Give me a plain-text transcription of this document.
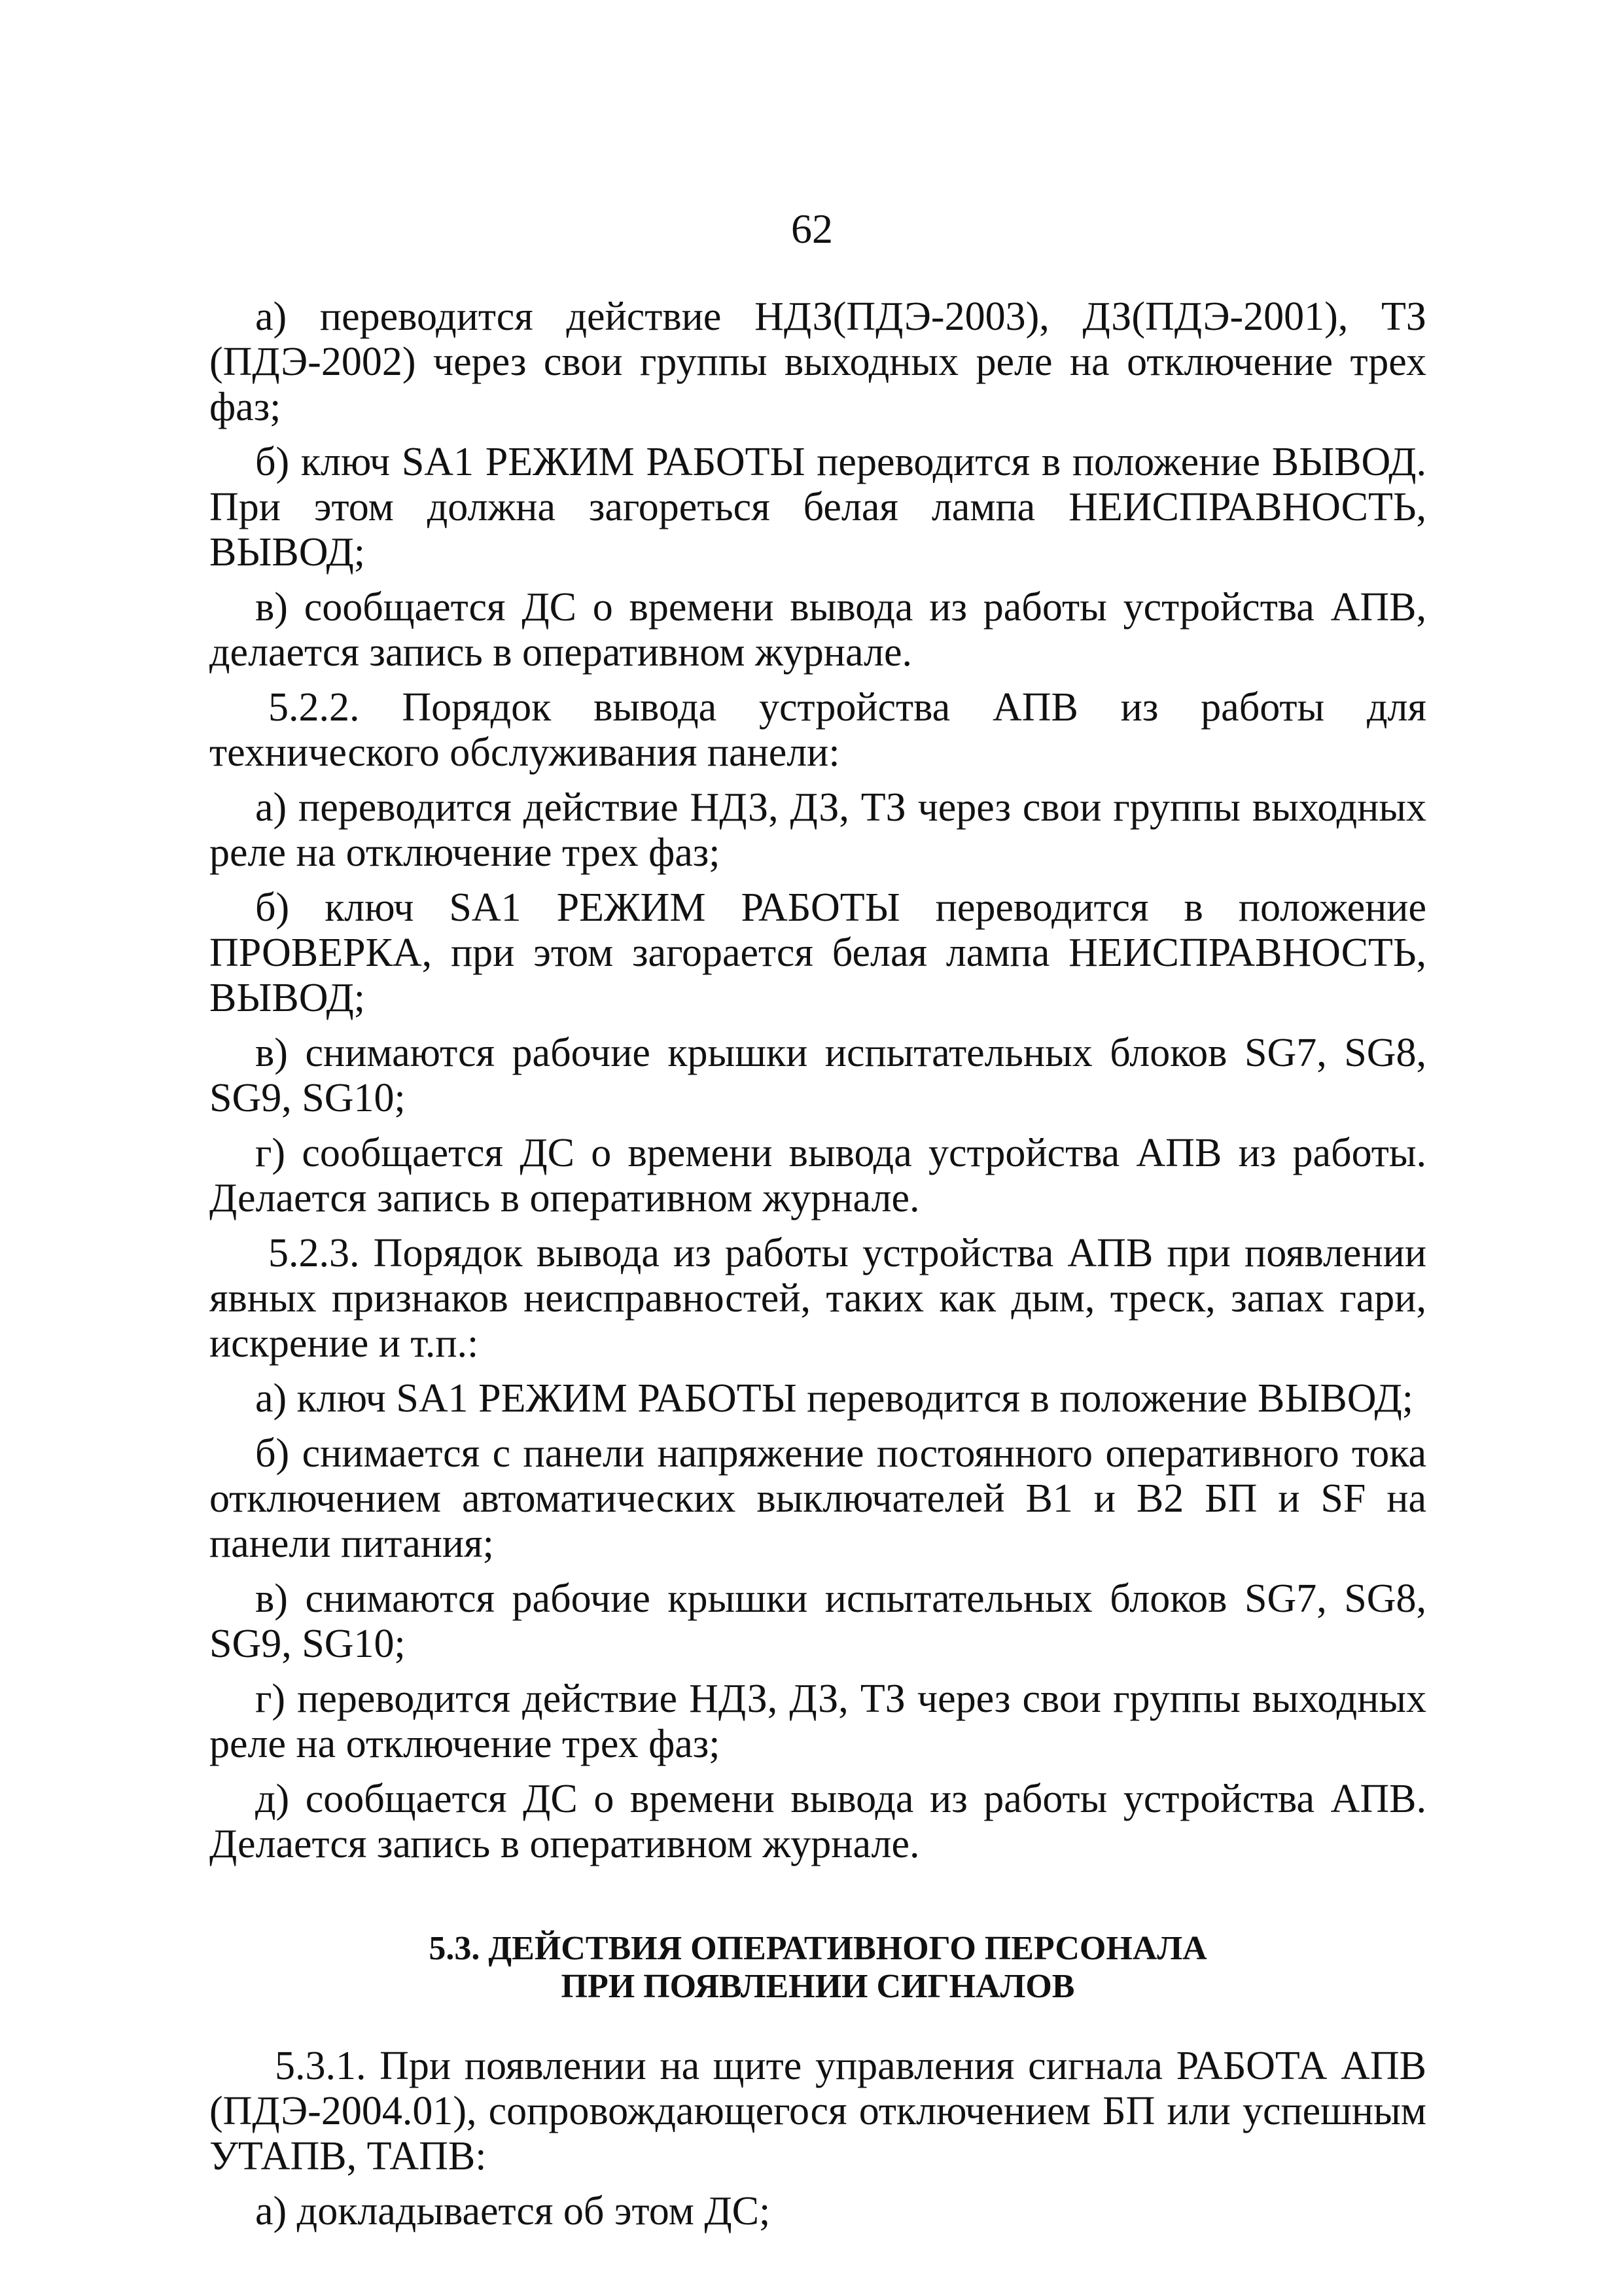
62

а) переводится действие НДЗ(ПДЭ-2003), ДЗ(ПДЭ-2001), ТЗ (ПДЭ-2002) через свои группы выходных реле на отключение трех фаз;

б) ключ SA1 РЕЖИМ РАБОТЫ переводится в положение ВЫВОД. При этом должна загореться белая лампа НЕИСПРАВНОСТЬ, ВЫВОД;

в) сообщается ДС о времени вывода из работы устройства АПВ, делается запись в оперативном журнале.

5.2.2. Порядок вывода устройства АПВ из работы для технического обслуживания панели:

а) переводится действие НДЗ, ДЗ, ТЗ через свои группы выходных реле на отключение трех фаз;

б) ключ SA1 РЕЖИМ РАБОТЫ переводится в положение ПРОВЕРКА, при этом загорается белая лампа НЕИСПРАВНОСТЬ, ВЫВОД;

в) снимаются рабочие крышки испытательных блоков SG7, SG8, SG9, SG10;

г) сообщается ДС о времени вывода устройства АПВ из работы. Делается запись в оперативном журнале.

5.2.3. Порядок вывода из работы устройства АПВ при появлении явных признаков неисправностей, таких как дым, треск, запах гари, искрение и т.п.:

а) ключ SA1 РЕЖИМ РАБОТЫ переводится в положение ВЫВОД;

б) снимается с панели напряжение постоянного оперативного тока отключением автоматических выключателей В1 и В2 БП и SF на панели питания;

в) снимаются рабочие крышки испытательных блоков SG7, SG8, SG9, SG10;

г) переводится действие НДЗ, ДЗ, ТЗ через свои группы выходных реле на отключение трех фаз;

д) сообщается ДС о времени вывода из работы устройства АПВ. Делается запись в оперативном журнале.

5.3. ДЕЙСТВИЯ ОПЕРАТИВНОГО ПЕРСОНАЛА
ПРИ ПОЯВЛЕНИИ СИГНАЛОВ

5.3.1. При появлении на щите управления сигнала РАБОТА АПВ (ПДЭ-2004.01), сопровождающегося отключением БП или успешным УТАПВ, ТАПВ:

а) докладывается об этом ДС;
